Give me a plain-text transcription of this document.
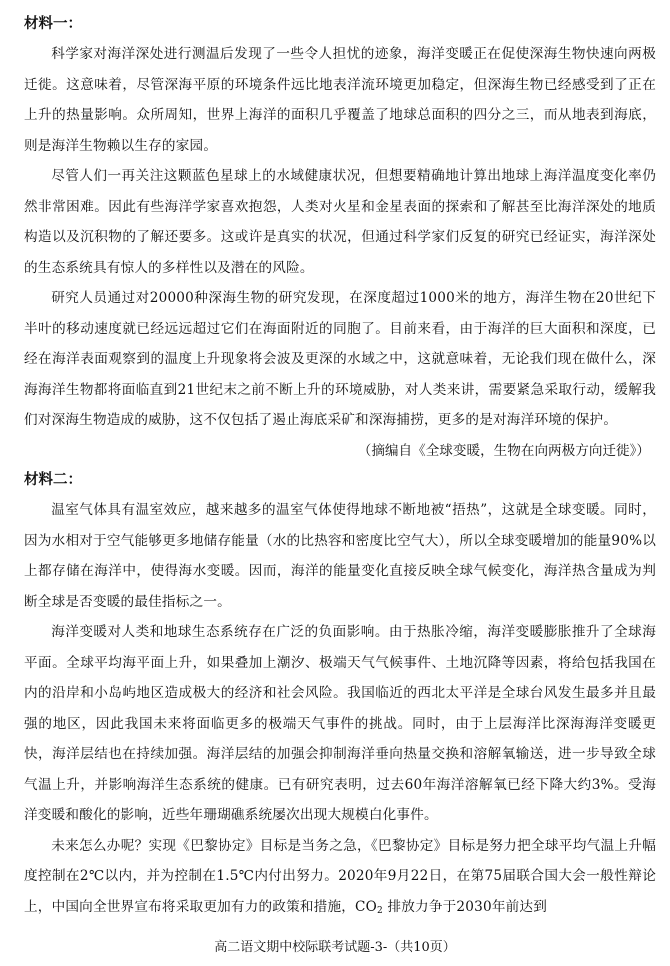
材料一：

科学家对海洋深处进行测温后发现了一些令人担忧的迹象，海洋变暖正在促使深海生物快速向两极迁徙。这意味着，尽管深海平原的环境条件远比地表洋流环境更加稳定，但深海生物已经感受到了正在上升的热量影响。众所周知，世界上海洋的面积几乎覆盖了地球总面积的四分之三，而从地表到海底，则是海洋生物赖以生存的家园。

尽管人们一再关注这颗蓝色星球上的水域健康状况，但想要精确地计算出地球上海洋温度变化率仍然非常困难。因此有些海洋学家喜欢抱怨，人类对火星和金星表面的探索和了解甚至比海洋深处的地质构造以及沉积物的了解还要多。这或许是真实的状况，但通过科学家们反复的研究已经证实，海洋深处的生态系统具有惊人的多样性以及潜在的风险。

研究人员通过对20000种深海生物的研究发现，在深度超过1000米的地方，海洋生物在20世纪下半叶的移动速度就已经远远超过它们在海面附近的同胞了。目前来看，由于海洋的巨大面积和深度，已经在海洋表面观察到的温度上升现象将会波及更深的水域之中，这就意味着，无论我们现在做什么，深海海洋生物都将面临直到21世纪末之前不断上升的环境威胁，对人类来讲，需要紧急采取行动，缓解我们对深海生物造成的威胁，这不仅包括了遏止海底采矿和深海捕捞，更多的是对海洋环境的保护。

（摘编自《全球变暖，生物在向两极方向迁徙》）

材料二：

温室气体具有温室效应，越来越多的温室气体使得地球不断地被“捂热”，这就是全球变暖。同时，因为水相对于空气能够更多地储存能量（水的比热容和密度比空气大），所以全球变暖增加的能量90%以上都存储在海洋中，使得海水变暖。因而，海洋的能量变化直接反映全球气候变化，海洋热含量成为判断全球是否变暖的最佳指标之一。

海洋变暖对人类和地球生态系统存在广泛的负面影响。由于热胀冷缩，海洋变暖膨胀推升了全球海平面。全球平均海平面上升，如果叠加上潮汐、极端天气气候事件、土地沉降等因素，将给包括我国在内的沿岸和小岛屿地区造成极大的经济和社会风险。我国临近的西北太平洋是全球台风发生最多并且最强的地区，因此我国未来将面临更多的极端天气事件的挑战。同时，由于上层海洋比深海海洋变暖更快，海洋层结也在持续加强。海洋层结的加强会抑制海洋垂向热量交换和溶解氧输送，进一步导致全球气温上升，并影响海洋生态系统的健康。已有研究表明，过去60年海洋溶解氧已经下降大约3%。受海洋变暖和酸化的影响，近些年珊瑚礁系统屡次出现大规模白化事件。

未来怎么办呢？实现《巴黎协定》目标是当务之急，《巴黎协定》目标是努力把全球平均气温上升幅度控制在2℃以内，并为控制在1.5℃内付出努力。2020年9月22日，在第75届联合国大会一般性辩论上，中国向全世界宣布将采取更加有力的政策和措施，$CO_2$ 排放力争于2030年前达到

高二语文期中校际联考试题-3-（共10页）
